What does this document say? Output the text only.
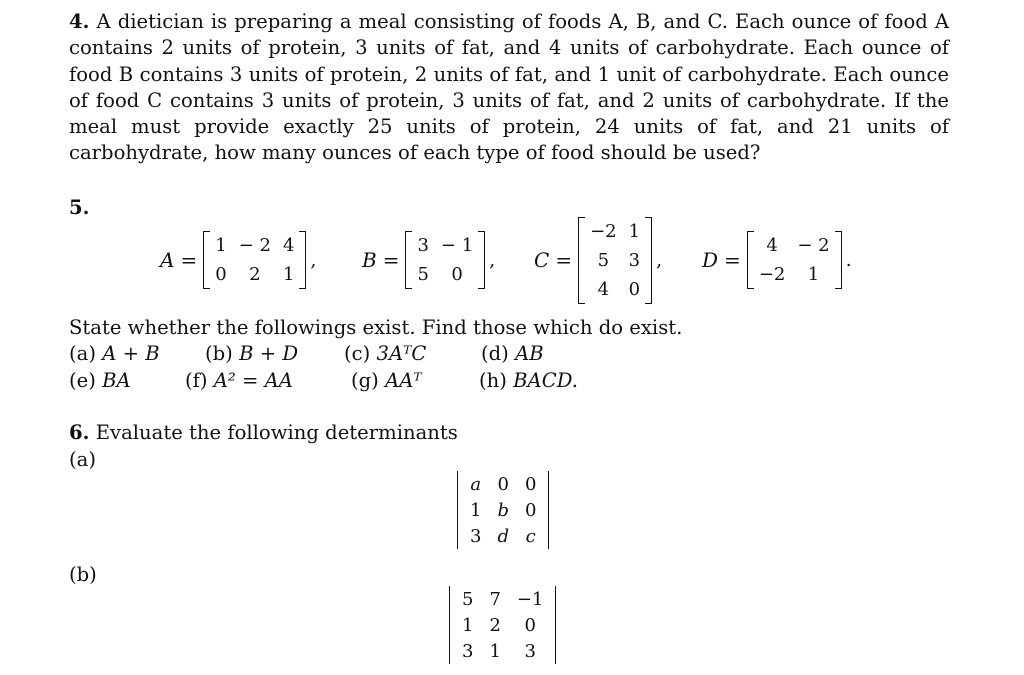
4. A dietician is preparing a meal consisting of foods A, B, and C. Each ounce of food A contains 2 units of protein, 3 units of fat, and 4 units of carbohydrate. Each ounce of food B contains 3 units of protein, 2 units of fat, and 1 unit of carbohydrate. Each ounce of food C contains 3 units of protein, 3 units of fat, and 2 units of carbohydrate. If the meal must provide exactly 25 units of protein, 24 units of fat, and 21 units of carbohydrate, how many ounces of each type of food should be used?
5.
A =
1	− 2	4
0	2	1
, B =
3	− 1
5	0
, C =
−2	1
5	3
4	0
, D =
4	− 2
−2	1
.
State whether the followings exist. Find those which do exist.
(a) A + B (b) B + D (c) 3AᵀC	(d) AB
(e) BA	(f) A² = AA	(g) AAᵀ	(h) BACD.
6. Evaluate the following determinants
(a)
a	0	0
1	b	0
3	d	c
(b)
5	7	−1
1	2	0
3	1	3
